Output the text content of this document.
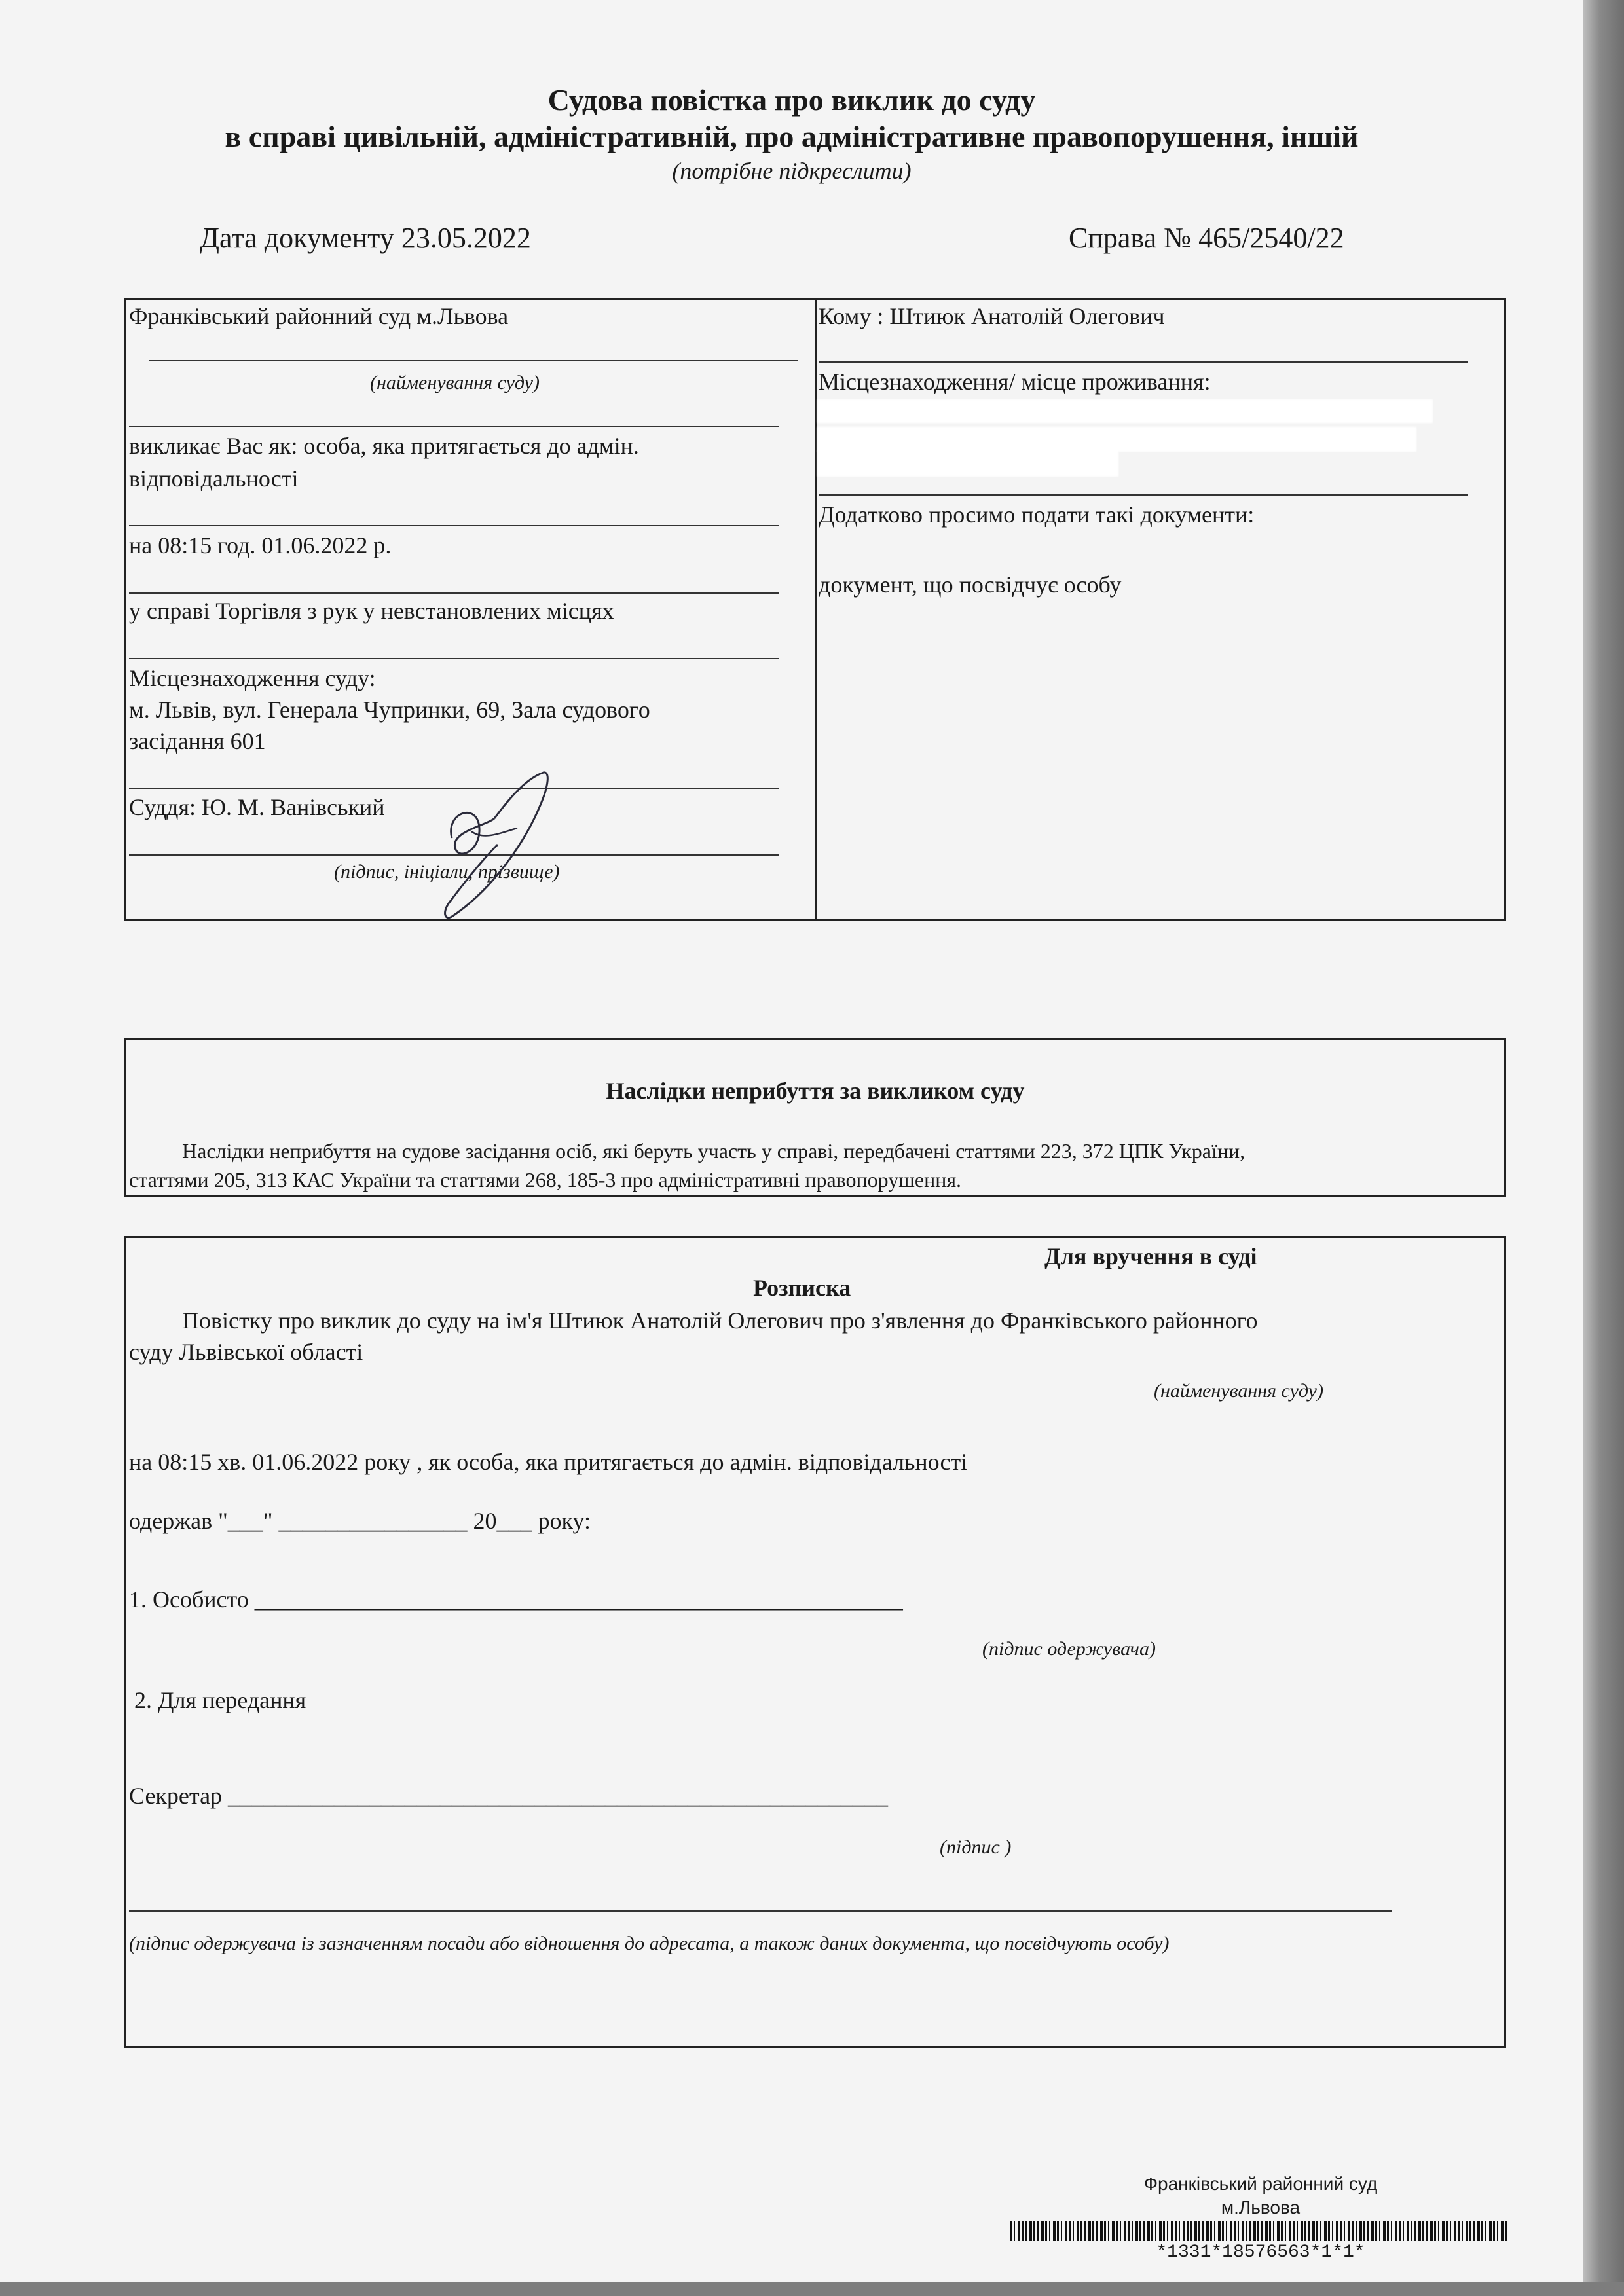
Судова повістка про виклик до суду
в справі цивільній, адміністративній, про адміністративне правопорушення, іншій
(потрібне підкреслити)
Дата документу 23.05.2022	Справа № 465/2540/22
Франківський районний суд м.Львова
(найменування суду)
викликає Вас як: особа, яка притягається до адмін.
відповідальності
на 08:15 год. 01.06.2022 р.
у справі Торгівля з рук у невстановлених місцях
Місцезнаходження суду:
м. Львів, вул. Генерала Чупринки, 69, Зала судового
засідання 601
Суддя: Ю. М. Ванівський
(підпис, ініціали, прізвище)
Кому : Штиюк Анатолій Олегович
Місцезнаходження/ місце проживання:
Додатково просимо подати такі документи:
документ, що посвідчує особу
Наслідки неприбуття за викликом суду
Наслідки неприбуття на судове засідання осіб, які беруть участь у справі, передбачені статтями 223, 372 ЦПК України,
статтями 205, 313 КАС України та статтями 268, 185-3 про адміністративні правопорушення.
Для вручення в суді
Розписка
Повістку про виклик до суду на ім'я Штиюк Анатолій Олегович про з'явлення до Франківського районного
суду Львівської області
(найменування суду)
на 08:15 хв. 01.06.2022 року , як особа, яка притягається до адмін. відповідальності
одержав "___" ________________ 20___ року:
1. Особисто _______________________________________________________
(підпис одержувача)
2. Для передання
Секретар ________________________________________________________
(підпис )
(підпис одержувача із зазначенням посади або відношення до адресата, а також даних документа, що посвідчують особу)
Франківський районний суд
м.Львова
*1331*18576563*1*1*
